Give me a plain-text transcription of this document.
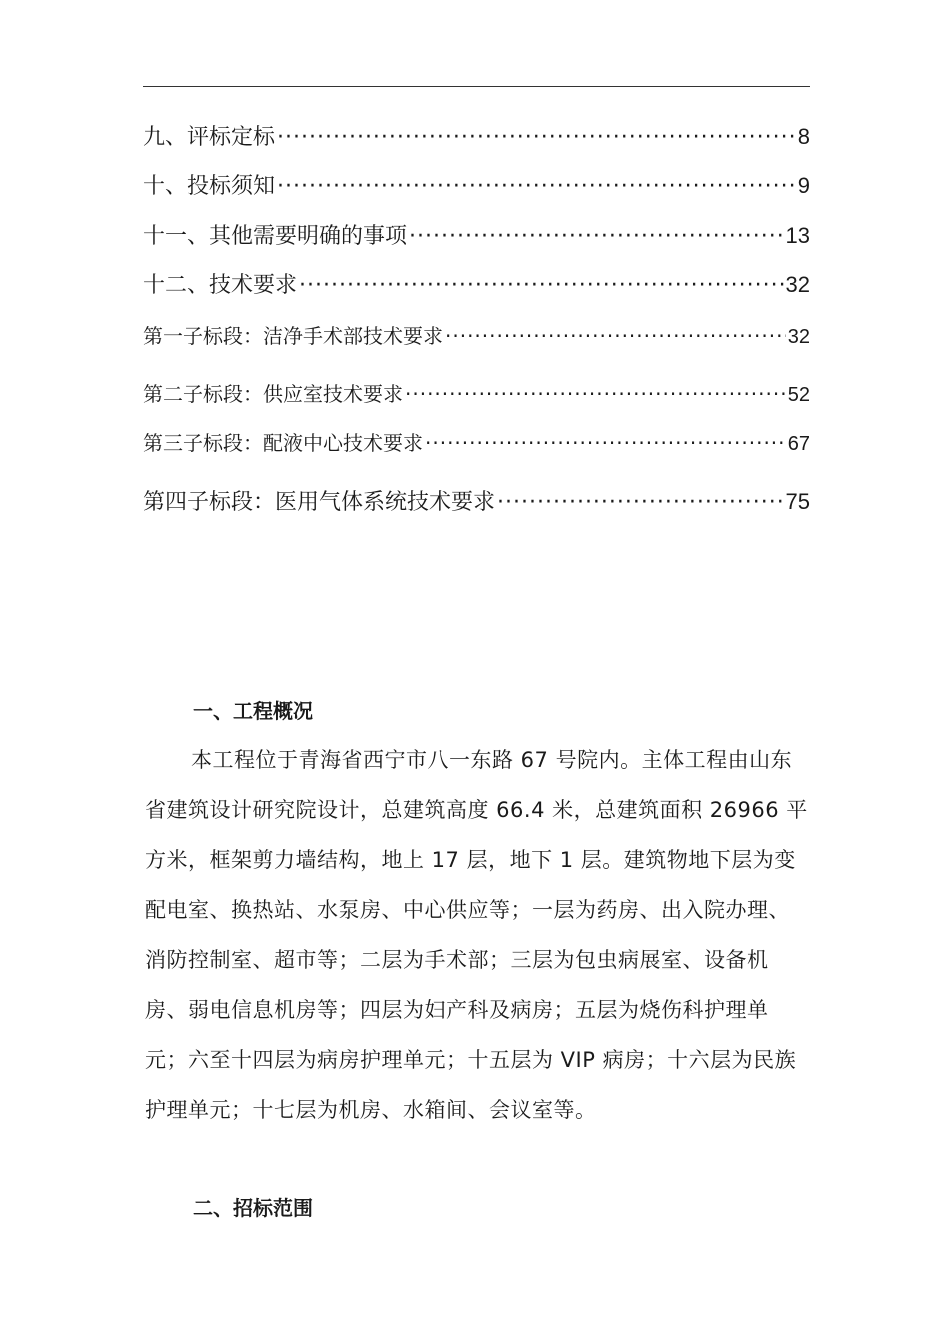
九、评标定标 ·····	8
十、投标须知 ·····	9
十一、其他需要明确的事项 ·····	13
十二、技术要求 ·····	32
第一子标段：洁净手术部技术要求 ·····	32
第二子标段：供应室技术要求 ·····	52
第三子标段：配液中心技术要求 ·····	67
第四子标段：医用气体系统技术要求 ·····	75
一、工程概况

本工程位于青海省西宁市八一东路 67 号院内。主体工程由山东省建筑设计研究院设计，总建筑高度 66.4 米，总建筑面积 26966 平方米，框架剪力墙结构，地上 17 层，地下 1 层。建筑物地下层为变配电室、换热站、水泵房、中心供应等；一层为药房、出入院办理、消防控制室、超市等；二层为手术部；三层为包虫病展室、设备机房、弱电信息机房等；四层为妇产科及病房；五层为烧伤科护理单元；六至十四层为病房护理单元；十五层为 VIP 病房；十六层为民族护理单元；十七层为机房、水箱间、会议室等。

二、招标范围
